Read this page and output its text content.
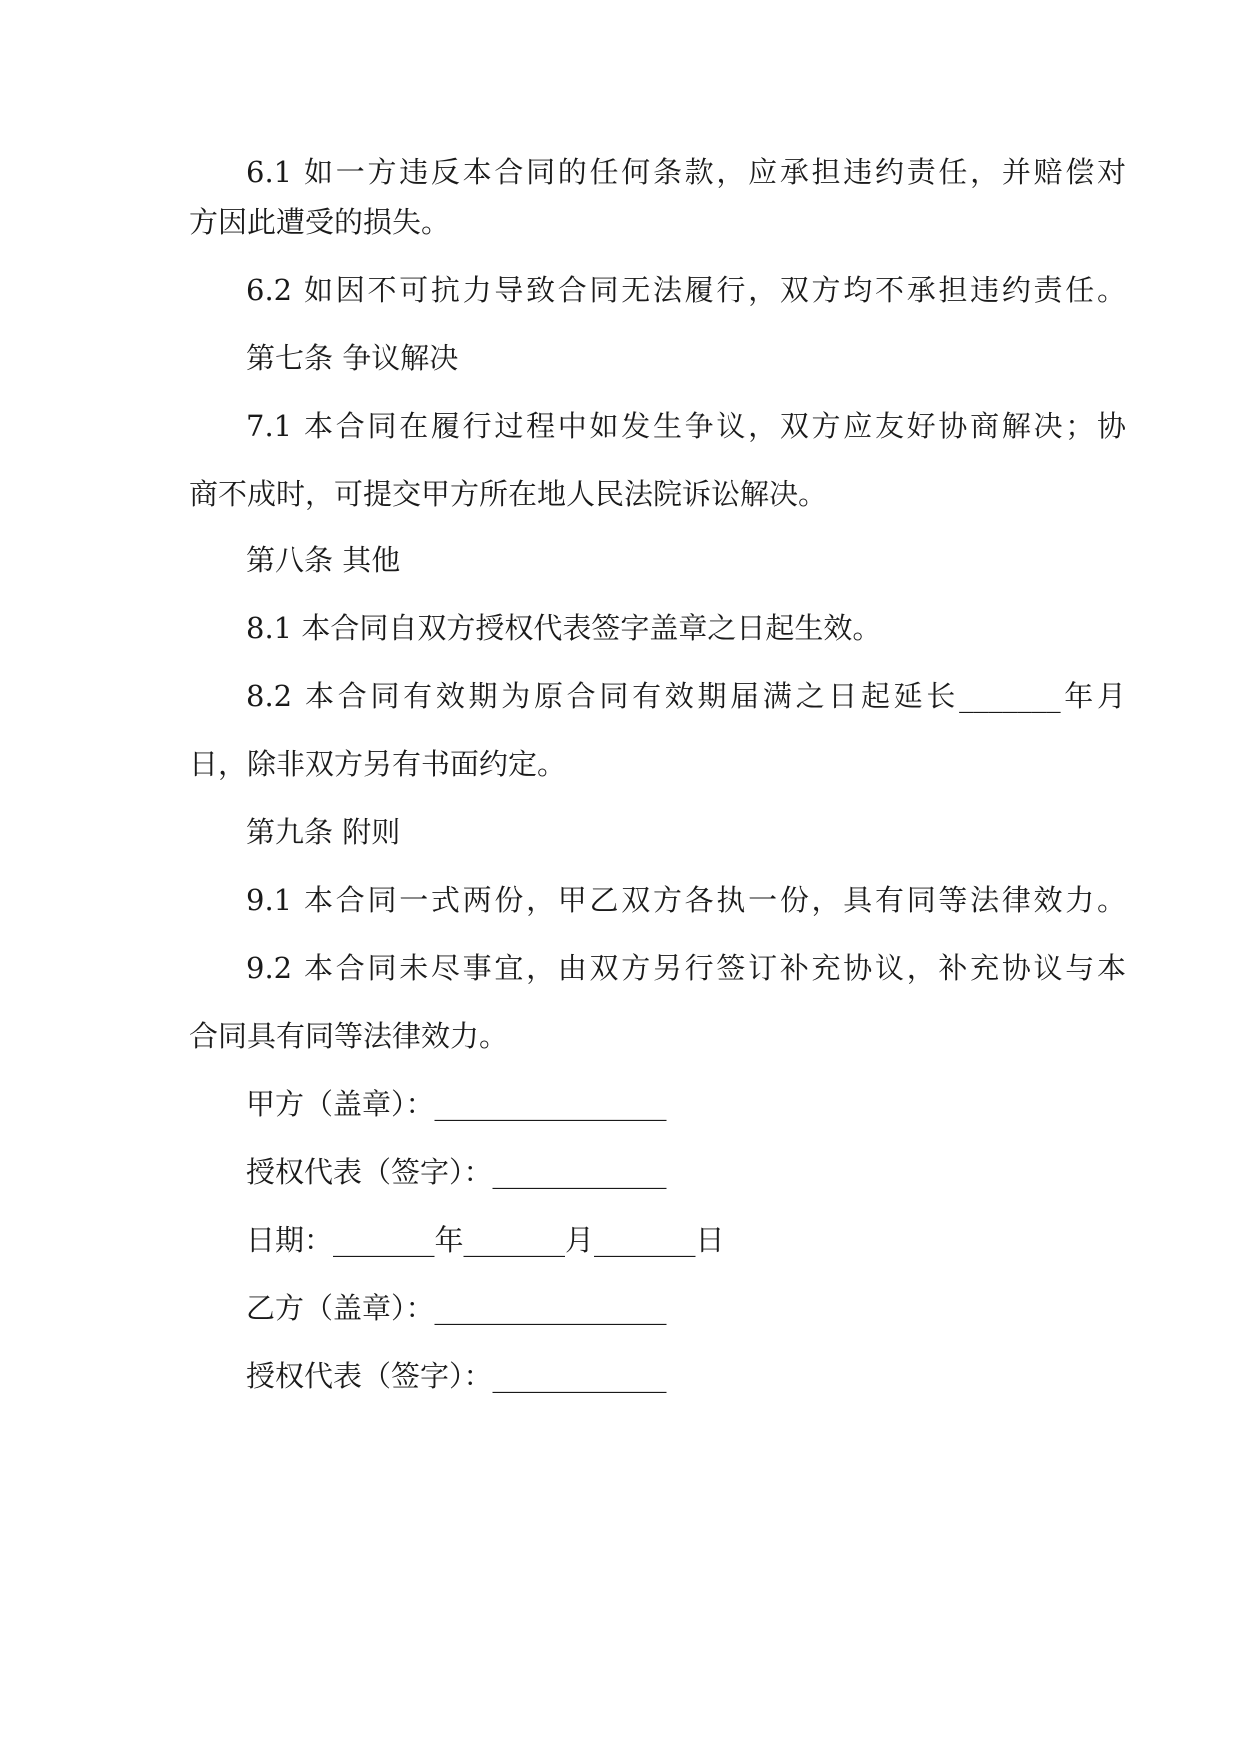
6.1 如一方违反本合同的任何条款，应承担违约责任，并赔偿对
方因此遭受的损失。
6.2 如因不可抗力导致合同无法履行，双方均不承担违约责任。
第七条 争议解决
7.1 本合同在履行过程中如发生争议，双方应友好协商解决；协
商不成时，可提交甲方所在地人民法院诉讼解决。
第八条 其他
8.1 本合同自双方授权代表签字盖章之日起生效。
8.2 本合同有效期为原合同有效期届满之日起延长_______年月
日，除非双方另有书面约定。
第九条 附则
9.1 本合同一式两份，甲乙双方各执一份，具有同等法律效力。
9.2 本合同未尽事宜，由双方另行签订补充协议，补充协议与本
合同具有同等法律效力。
甲方（盖章）：________________
授权代表（签字）：____________
日期：_______年_______月_______日
乙方（盖章）：________________
授权代表（签字）：____________
